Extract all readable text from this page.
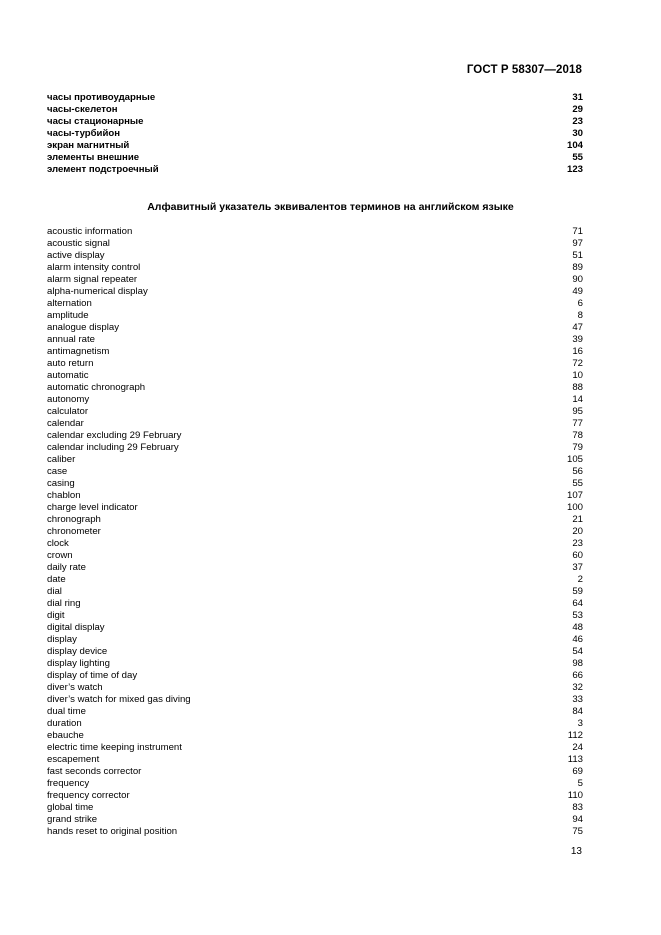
ГОСТ Р 58307—2018
часы противоударные	31
часы-скелетон	29
часы стационарные	23
часы-турбийон	30
экран магнитный	104
элементы внешние	55
элемент подстроечный	123
Алфавитный указатель эквивалентов терминов на английском языке
acoustic information	71
acoustic signal	97
active display	51
alarm intensity control	89
alarm signal repeater	90
alpha-numerical display	49
alternation	6
amplitude	8
analogue display	47
annual rate	39
antimagnetism	16
auto return	72
automatic	10
automatic chronograph	88
autonomy	14
calculator	95
calendar	77
calendar excluding 29 February	78
calendar including 29 February	79
caliber	105
case	56
casing	55
chablon	107
charge level indicator	100
chronograph	21
chronometer	20
clock	23
crown	60
daily rate	37
date	2
dial	59
dial ring	64
digit	53
digital display	48
display	46
display device	54
display lighting	98
display of time of day	66
diver’s watch	32
diver’s watch for mixed gas diving	33
dual time	84
duration	3
ebauche	112
electric time keeping instrument	24
escapement	113
fast seconds corrector	69
frequency	5
frequency corrector	110
global time	83
grand strike	94
hands reset to original position	75
13
